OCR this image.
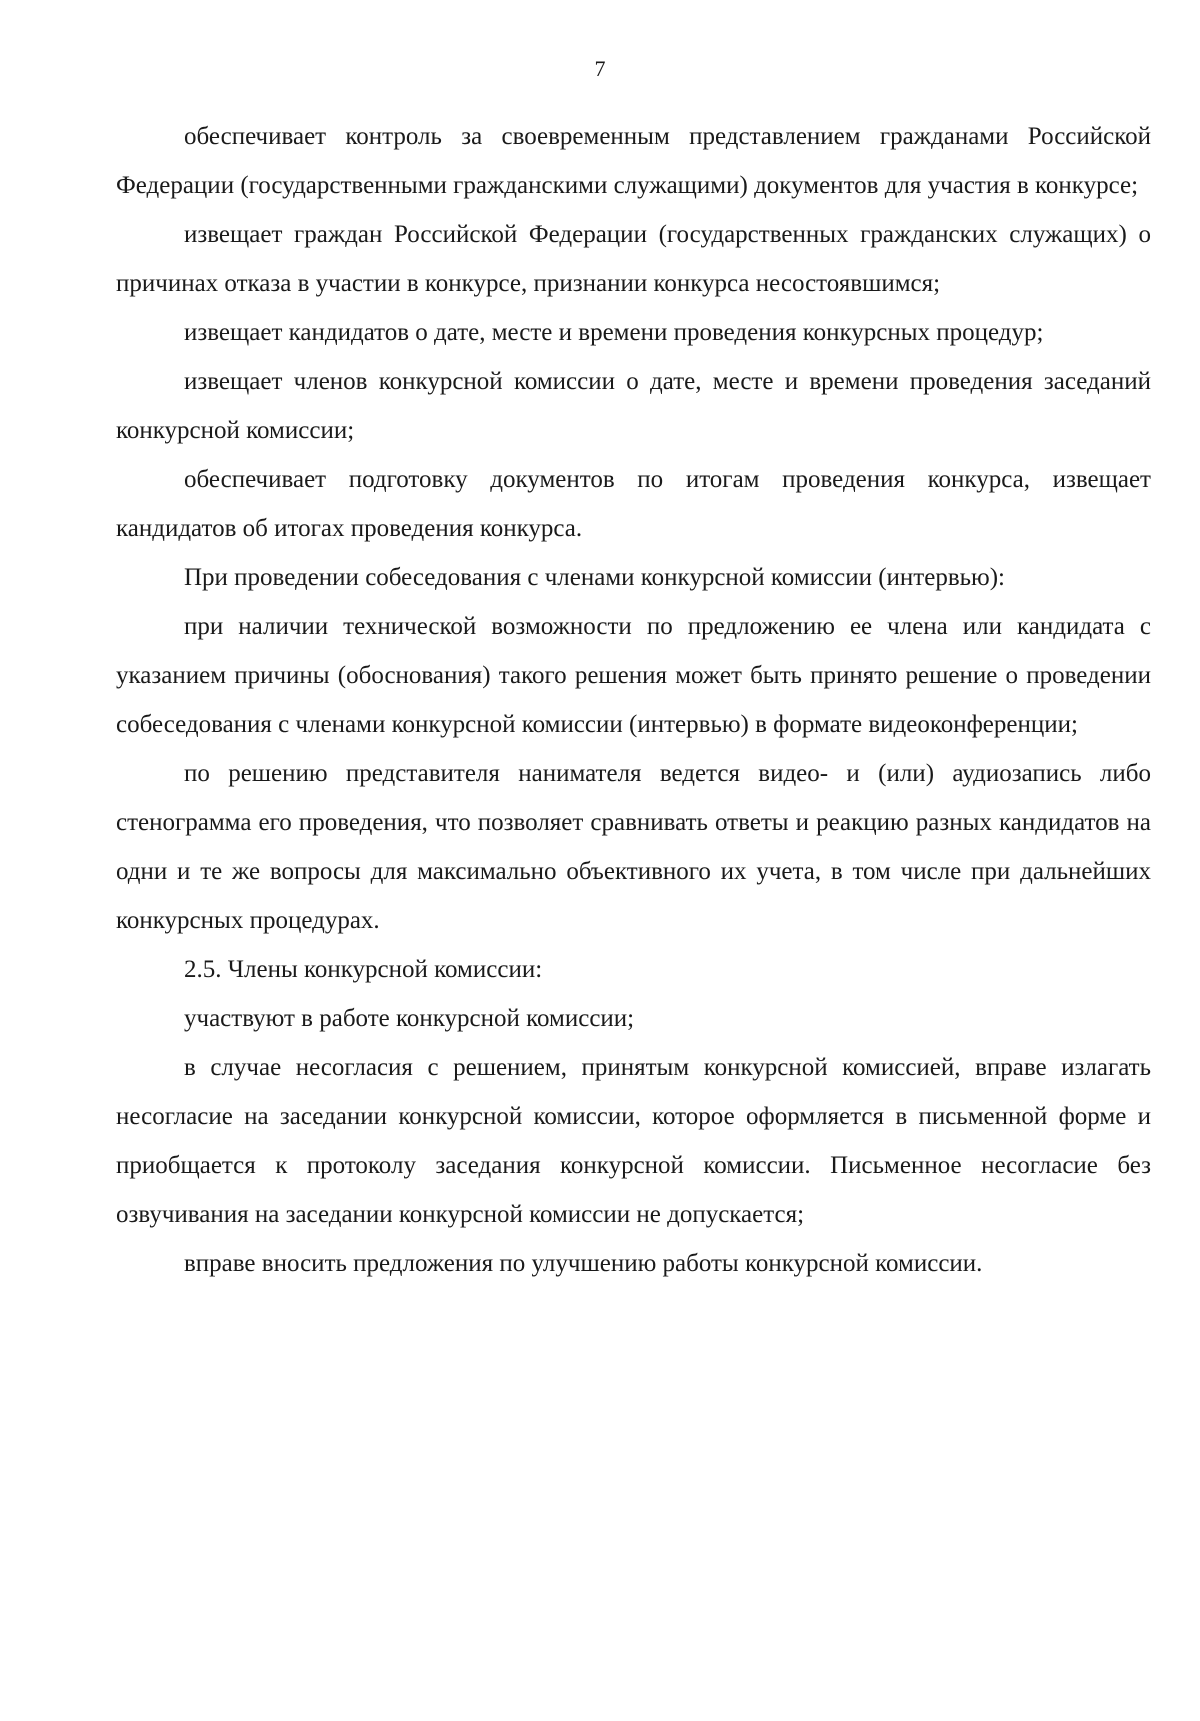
7

обеспечивает контроль за своевременным представлением гражданами Российской Федерации (государственными гражданскими служащими) документов для участия в конкурсе;

извещает граждан Российской Федерации (государственных гражданских служащих) о причинах отказа в участии в конкурсе, признании конкурса несостоявшимся;

извещает кандидатов о дате, месте и времени проведения конкурсных процедур;

извещает членов конкурсной комиссии о дате, месте и времени проведения заседаний конкурсной комиссии;

обеспечивает подготовку документов по итогам проведения конкурса, извещает кандидатов об итогах проведения конкурса.

При проведении собеседования с членами конкурсной комиссии (интервью):

при наличии технической возможности по предложению ее члена или кандидата с указанием причины (обоснования) такого решения может быть принято решение о проведении собеседования с членами конкурсной комиссии (интервью) в формате видеоконференции;

по решению представителя нанимателя ведется видео- и (или) аудиозапись либо стенограмма его проведения, что позволяет сравнивать ответы и реакцию разных кандидатов на одни и те же вопросы для максимально объективного их учета, в том числе при дальнейших конкурсных процедурах.

2.5. Члены конкурсной комиссии:

участвуют в работе конкурсной комиссии;

в случае несогласия с решением, принятым конкурсной комиссией, вправе излагать несогласие на заседании конкурсной комиссии, которое оформляется в письменной форме и приобщается к протоколу заседания конкурсной комиссии. Письменное несогласие без озвучивания на заседании конкурсной комиссии не допускается;

вправе вносить предложения по улучшению работы конкурсной комиссии.
